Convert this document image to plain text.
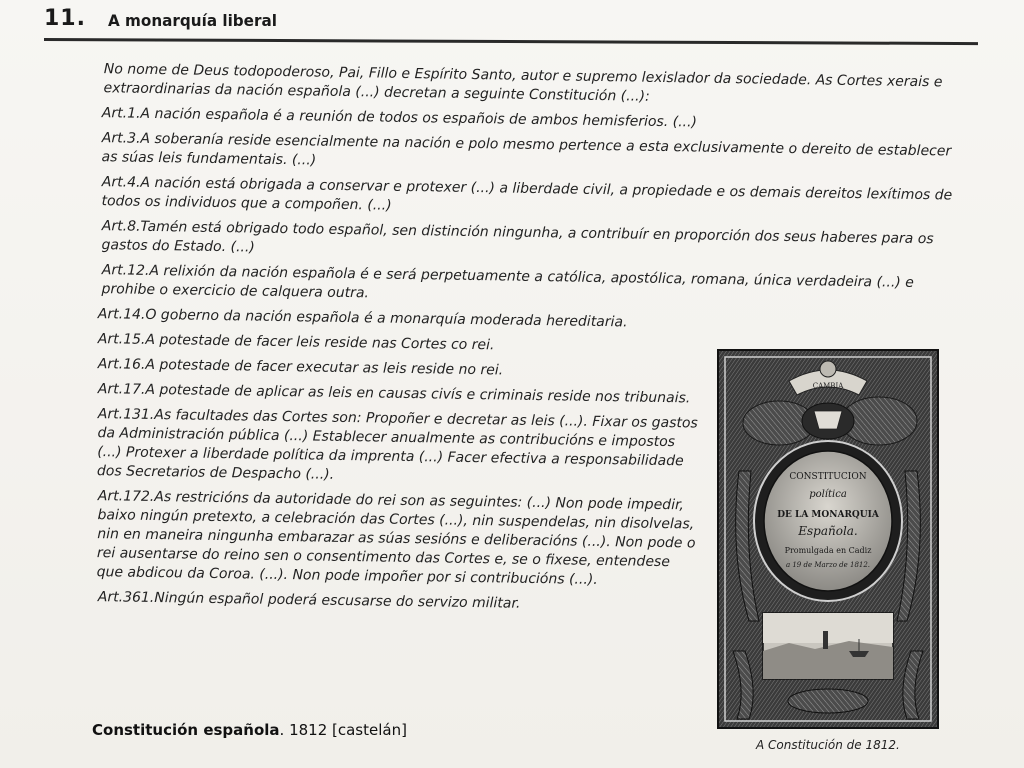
11. A monarquía liberal

No nome de Deus todopoderoso, Pai, Fillo e Espírito Santo, autor e supremo lexislador da sociedade. As Cortes xerais e extraordinarias da nación española (...) decretan a seguinte Constitución (...):

Art.1.A nación española é a reunión de todos os españois de ambos hemisferios. (...)

Art.3.A soberanía reside esencialmente na nación e polo mesmo pertence a esta exclusivamente o dereito de establecer as súas leis fundamentais. (...)

Art.4.A nación está obrigada a conservar e protexer (...) a liberdade civil, a propiedade e os demais dereitos lexítimos de todos os individuos que a compoñen. (...)

Art.8.Tamén está obrigado todo español, sen distinción ningunha, a contribuír en proporción dos seus haberes para os gastos do Estado. (...)

Art.12.A relixión da nación española é e será perpetuamente a católica, apostólica, romana, única verdadeira (...) e prohibe o exercicio de calquera outra.

Art.14.O goberno da nación española é a monarquía moderada hereditaria.

Art.15.A potestade de facer leis reside nas Cortes co rei.

Art.16.A potestade de facer executar as leis reside no rei.

Art.17.A potestade de aplicar as leis en causas civís e criminais reside nos tribunais.

Art.131.As facultades das Cortes son: Propoñer e decretar as leis (...). Fixar os gastos da Administración pública (...) Establecer anualmente as contribucións e impostos (...) Protexer a liberdade política da imprenta (...) Facer efectiva a responsabilidade dos Secretarios de Despacho (...).

Art.172.As restricións da autoridade do rei son as seguintes: (...) Non pode impedir, baixo ningún pretexto, a celebración das Cortes (...), nin suspendelas, nin disolvelas, nin en maneira ningunha embarazar as súas sesións e deliberacións (...). Non pode o rei ausentarse do reino sen o consentimento das Cortes e, se o fixese, entendese que abdicou da Coroa. (...). Non pode impoñer por si contribucións (...).

Art.361.Ningún español poderá escusarse do servizo militar.

Constitución española. 1812 [castelán]
CAMBIA
CONSTITUCION
política
DE LA MONARQUIA
Española.
Promulgada en Cadiz
a 19 de Marzo de 1812.
A Constitución de 1812.
